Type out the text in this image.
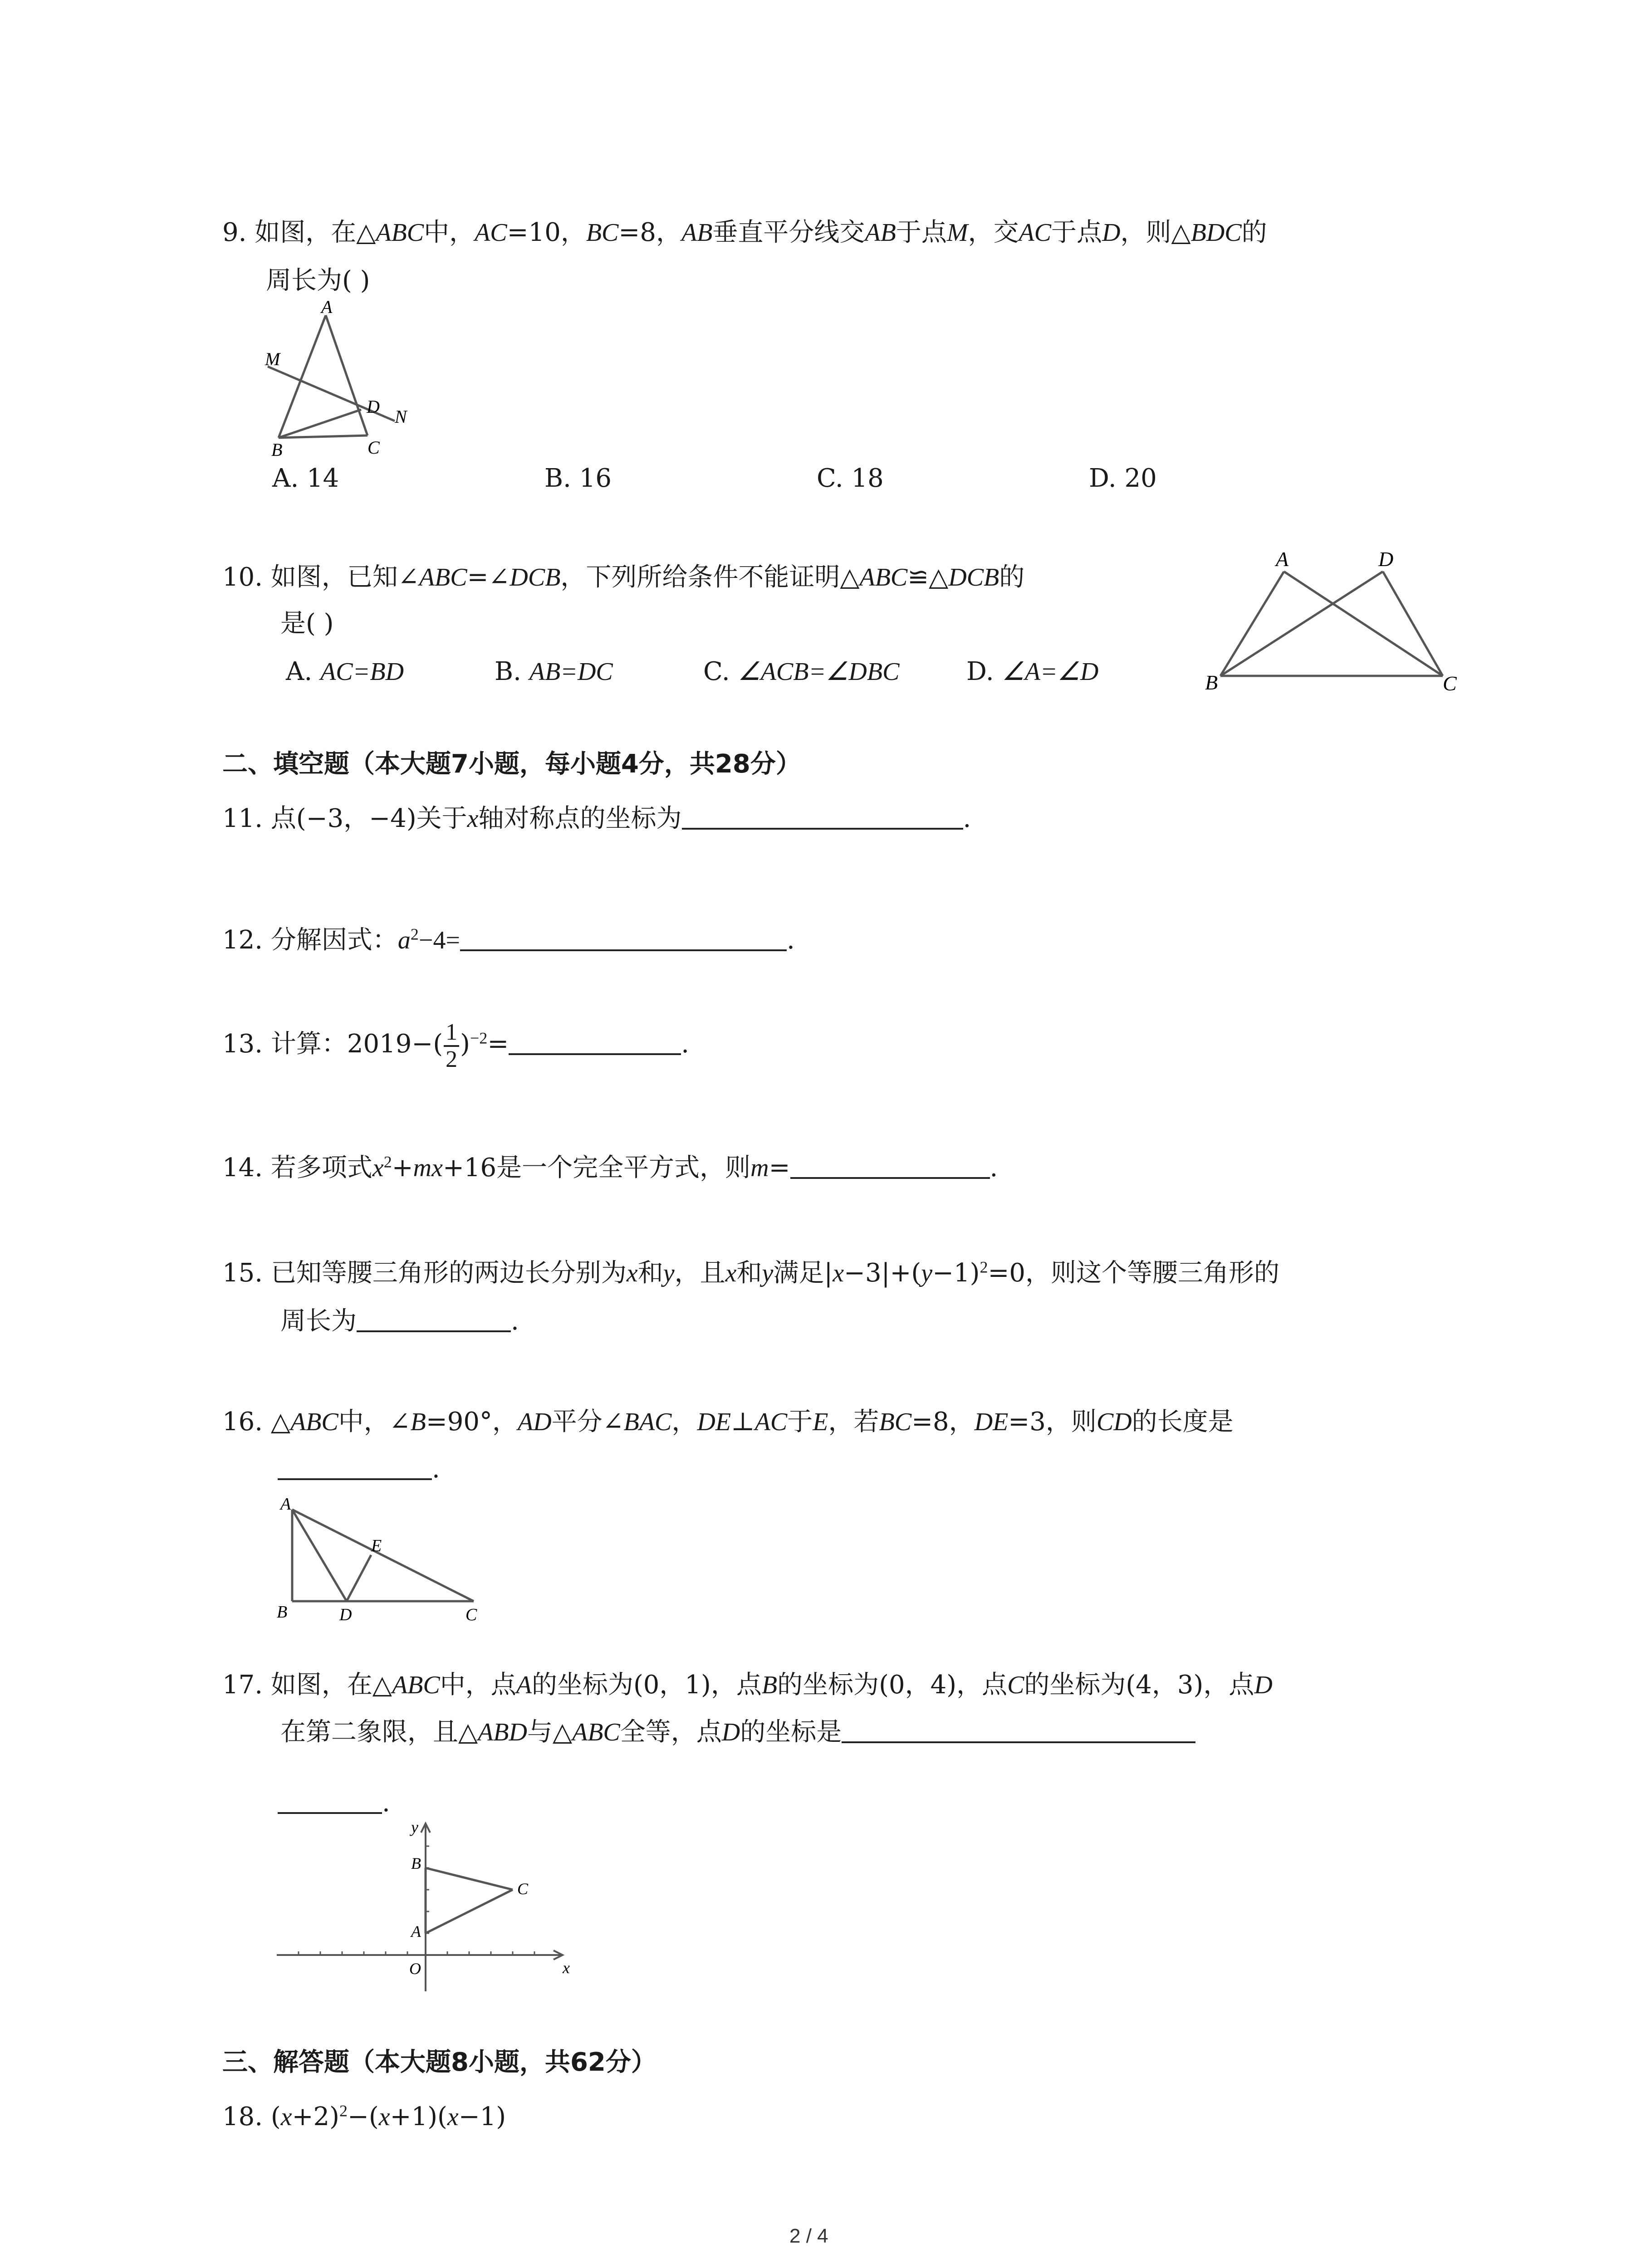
9. 如图，在△ABC中，AC=10，BC=8，AB垂直平分线交AB于点M，交AC于点D，则△BDC的
周长为( )
A
M
D N
B	C
A. 14	B. 16	C. 18	D. 20
10. 如图，已知∠ABC=∠DCB，下列所给条件不能证明△ABC≌△DCB的
是( )
A. AC=BD	B. AB=DC	C. ∠ACB=∠DBC	D. ∠A=∠D
A	D
B	C
二、填空题（本大题7小题，每小题4分，共28分）
11. 点(−3，−4)关于x轴对称点的坐标为	.
12. 分解因式：$a^2-4=$	.
13. 计算：$2019-( \frac{1}{2} )^{-2}=$	.
14. 若多项式$x^2+mx+16$是一个完全平方式，则m=	.
15. 已知等腰三角形的两边长分别为x和y，且x和y满足$|x-3|+(y-1)^2=0$，则这个等腰三角形的
周长为	.
16. △ABC中，∠B=90°，AD平分∠BAC，DE⊥AC于E，若BC=8，DE=3，则CD的长度是
.
A
E
B	D	C
17. 如图，在△ABC中，点A的坐标为(0，1)，点B的坐标为(0，4)，点C的坐标为(4，3)，点D
在第二象限，且△ABD与△ABC全等，点D的坐标是
.
y
B
C
A
O	x
三、解答题（本大题8小题，共62分）
18. $(x+2)^2-(x+1)(x-1)$
2 / 4
